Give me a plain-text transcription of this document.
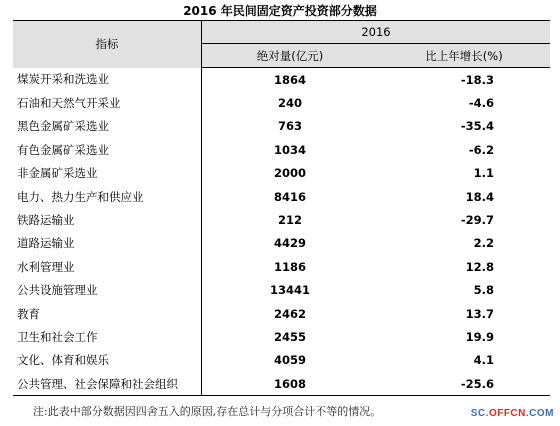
2016 年民间固定资产投资部分数据
指标	2016	
	绝对量(亿元)	比上年增长(%)
煤炭开采和洗选业	1864	-18.3
石油和天然气开采业	240	-4.6
黑色金属矿采选业	763	-35.4
有色金属矿采选业	1034	-6.2
非金属矿采选业	2000	1.1
电力、热力生产和供应业	8416	18.4
铁路运输业	212	-29.7
道路运输业	4429	2.2
水利管理业	1186	12.8
公共设施管理业	13441	5.8
教育	2462	13.7
卫生和社会工作	2455	19.9
文化、体育和娱乐	4059	4.1
公共管理、社会保障和社会组织	1608	-25.6
注:此表中部分数据因四舍五入的原因,存在总计与分项合计不等的情况。	SC.OFFCN.COM
